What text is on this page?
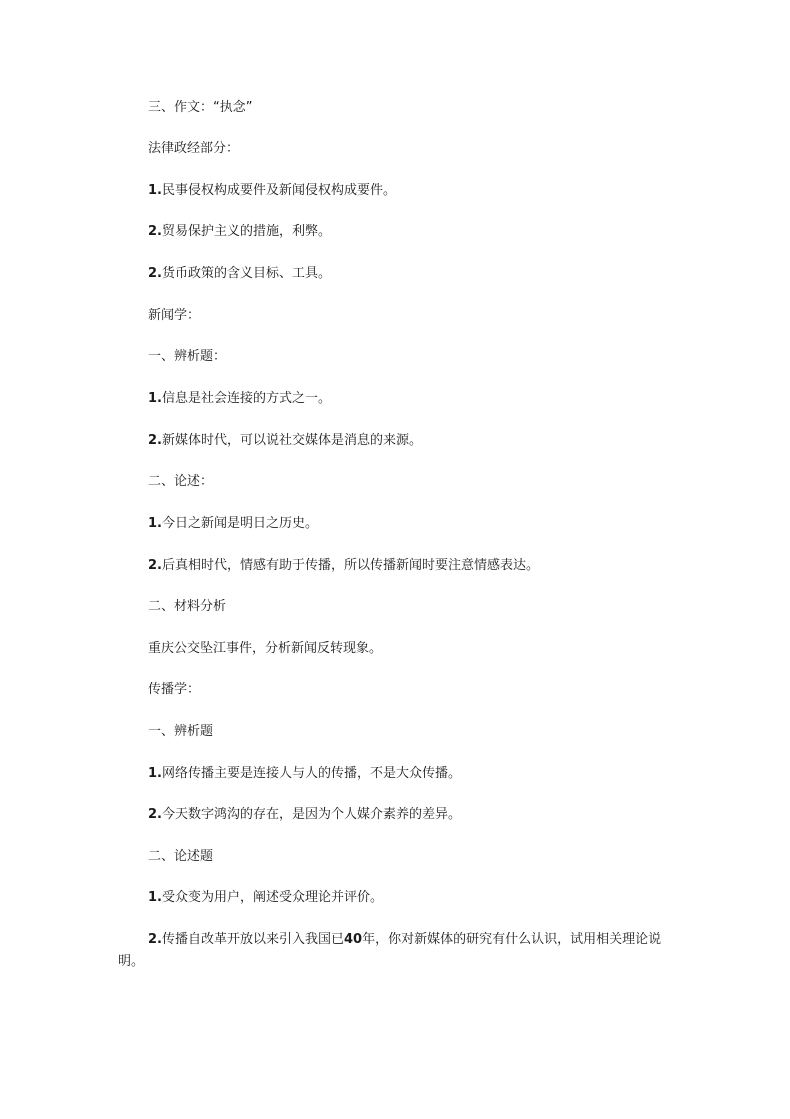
三、作文：“执念”
法律政经部分：
1.民事侵权构成要件及新闻侵权构成要件。
2.贸易保护主义的措施，利弊。
2.货币政策的含义目标、工具。
新闻学：
一、辨析题：
1.信息是社会连接的方式之一。
2.新媒体时代，可以说社交媒体是消息的来源。
二、论述：
1.今日之新闻是明日之历史。
2.后真相时代，情感有助于传播，所以传播新闻时要注意情感表达。
二、材料分析
重庆公交坠江事件，分析新闻反转现象。
传播学：
一、辨析题
1.网络传播主要是连接人与人的传播，不是大众传播。
2.今天数字鸿沟的存在，是因为个人媒介素养的差异。
二、论述题
1.受众变为用户，阐述受众理论并评价。
2.传播自改革开放以来引入我国已40年，你对新媒体的研究有什么认识，试用相关理论说明。
